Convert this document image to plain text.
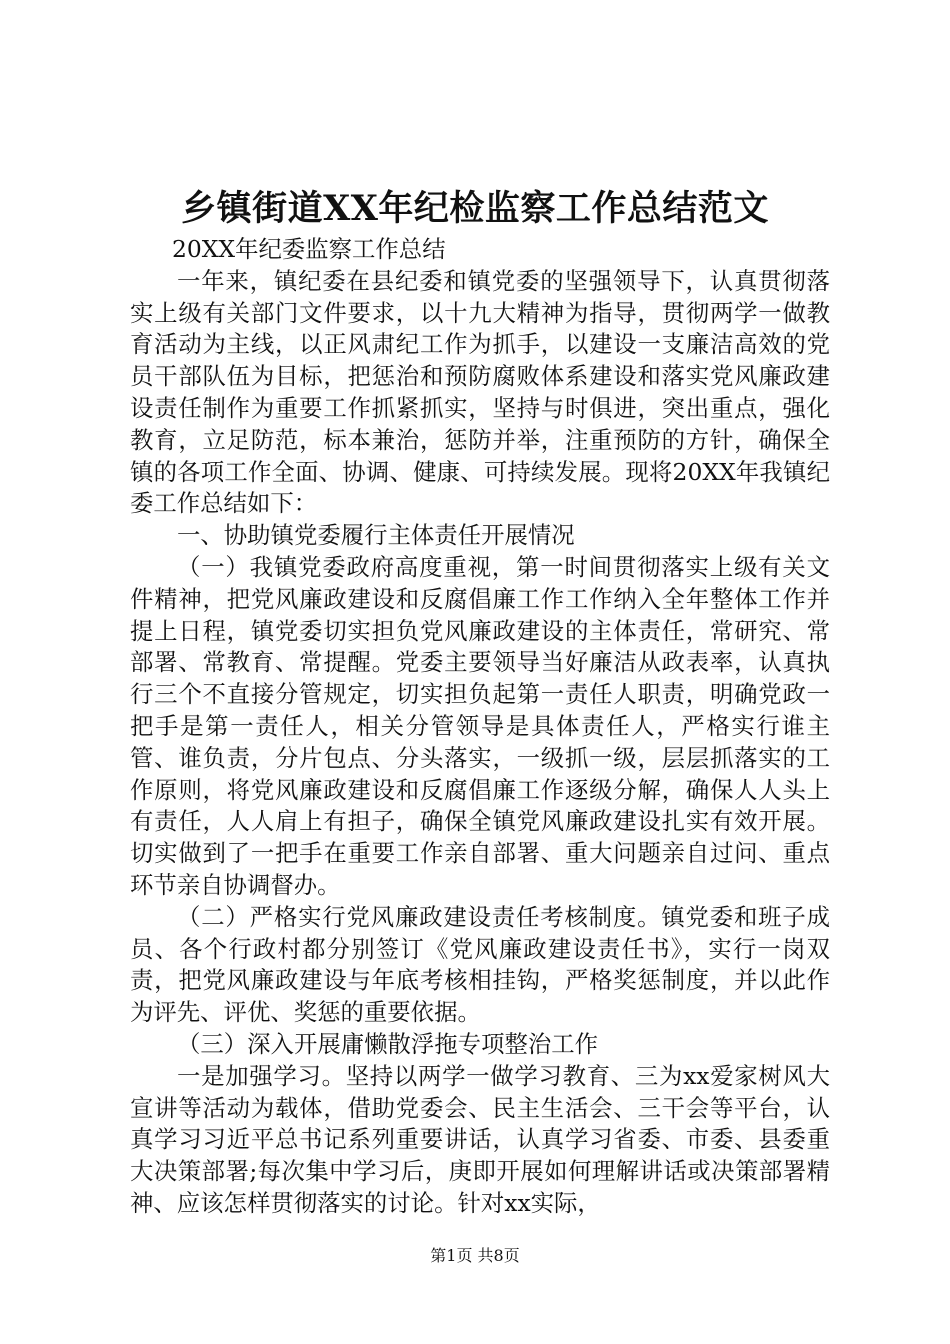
乡镇街道XX年纪检监察工作总结范文

20XX年纪委监察工作总结

一年来，镇纪委在县纪委和镇党委的坚强领导下，认真贯彻落实上级有关部门文件要求，以十九大精神为指导，贯彻两学一做教育活动为主线，以正风肃纪工作为抓手，以建设一支廉洁高效的党员干部队伍为目标，把惩治和预防腐败体系建设和落实党风廉政建设责任制作为重要工作抓紧抓实，坚持与时俱进，突出重点，强化教育，立足防范，标本兼治，惩防并举，注重预防的方针，确保全镇的各项工作全面、协调、健康、可持续发展。现将20XX年我镇纪委工作总结如下：

一、协助镇党委履行主体责任开展情况

（一）我镇党委政府高度重视，第一时间贯彻落实上级有关文件精神，把党风廉政建设和反腐倡廉工作工作纳入全年整体工作并提上日程，镇党委切实担负党风廉政建设的主体责任，常研究、常部署、常教育、常提醒。党委主要领导当好廉洁从政表率，认真执行三个不直接分管规定，切实担负起第一责任人职责，明确党政一把手是第一责任人，相关分管领导是具体责任人，严格实行谁主管、谁负责，分片包点、分头落实，一级抓一级，层层抓落实的工作原则，将党风廉政建设和反腐倡廉工作逐级分解，确保人人头上有责任，人人肩上有担子，确保全镇党风廉政建设扎实有效开展。切实做到了一把手在重要工作亲自部署、重大问题亲自过问、重点环节亲自协调督办。

（二）严格实行党风廉政建设责任考核制度。镇党委和班子成员、各个行政村都分别签订《党风廉政建设责任书》，实行一岗双责，把党风廉政建设与年底考核相挂钩，严格奖惩制度，并以此作为评先、评优、奖惩的重要依据。

（三）深入开展庸懒散浮拖专项整治工作

一是加强学习。坚持以两学一做学习教育、三为xx爱家树风大宣讲等活动为载体，借助党委会、民主生活会、三干会等平台，认真学习习近平总书记系列重要讲话，认真学习省委、市委、县委重大决策部署;每次集中学习后，庚即开展如何理解讲话或决策部署精神、应该怎样贯彻落实的讨论。针对xx实际，

第1页 共8页
